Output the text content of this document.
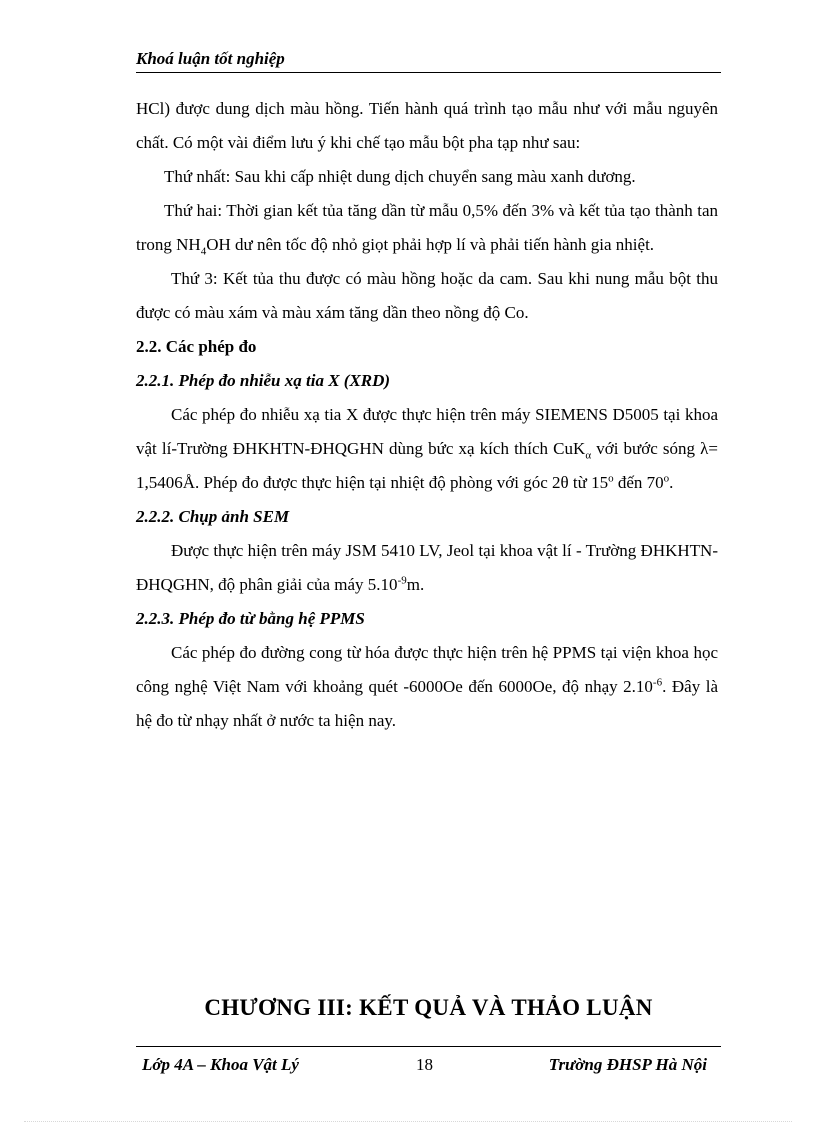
Khoá luận tốt nghiệp

HCl) được dung dịch màu hồng. Tiến hành quá trình tạo mẫu như với mẫu nguyên chất. Có một vài điểm lưu ý khi chế tạo mẫu bột pha tạp như sau:

Thứ nhất: Sau khi cấp nhiệt dung dịch chuyển sang màu xanh dương.

Thứ hai: Thời gian kết tủa tăng dần từ mẫu 0,5% đến 3% và kết tủa tạo thành tan trong $NH_4OH$ dư nên tốc độ nhỏ giọt phải hợp lí và phải tiến hành gia nhiệt.

Thứ 3: Kết tủa thu được có màu hồng hoặc da cam. Sau khi nung mẫu bột thu được có màu xám và màu xám tăng dần theo nồng độ Co.

2.2. Các phép đo

2.2.1. Phép đo nhiễu xạ tia X (XRD)

Các phép đo nhiễu xạ tia X được thực hiện trên máy SIEMENS D5005 tại khoa vật lí-Trường ĐHKHTN-ĐHQGHN dùng bức xạ kích thích CuK$_\alpha$ với bước sóng λ= 1,5406Å. Phép đo được thực hiện tại nhiệt độ phòng với góc 2θ từ 15$^o$ đến 70$^o$.

2.2.2. Chụp ảnh SEM

Được thực hiện trên máy JSM 5410 LV, Jeol tại khoa vật lí - Trường ĐHKHTN-ĐHQGHN, độ phân giải của máy $5.10^{-9}m$.

2.2.3. Phép đo từ bằng hệ PPMS

Các phép đo đường cong từ hóa được thực hiện trên hệ PPMS tại viện khoa học công nghệ Việt Nam với khoảng quét -6000Oe đến 6000Oe, độ nhạy $2.10^{-6}$. Đây là hệ đo từ nhạy nhất ở nước ta hiện nay.

CHƯƠNG III: KẾT QUẢ VÀ THẢO LUẬN
Lớp 4A – Khoa Vật Lý	18	Trường ĐHSP Hà Nội
